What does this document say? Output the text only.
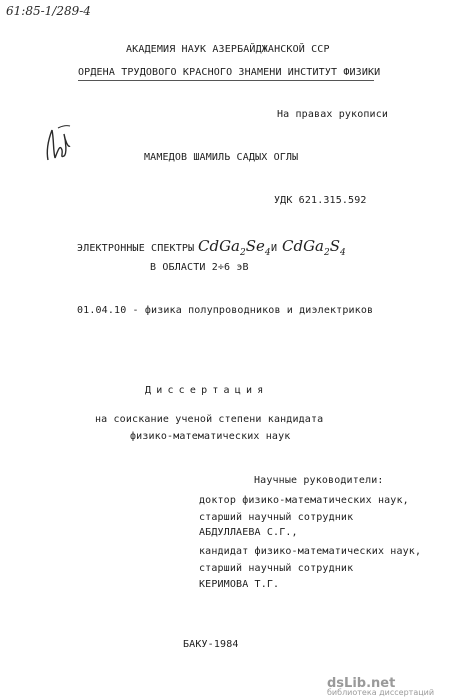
61:85-1/289-4
АКАДЕМИЯ НАУК АЗЕРБАЙДЖАНСКОЙ ССР
ОРДЕНА ТРУДОВОГО КРАСНОГО ЗНАМЕНИ ИНСТИТУТ ФИЗИКИ
На правах рукописи
МАМЕДОВ ШАМИЛЬ САДЫХ ОГЛЫ
УДК 621.315.592
ЭЛЕКТРОННЫЕ СПЕКТРЫ $CdGa_2Se_4$ И $CdGa_2S_4$
В ОБЛАСТИ 2÷6 эВ
01.04.10 - физика полупроводников и диэлектриков
Диссертация
на соискание ученой степени кандидата
физико-математических наук
Научные руководители:
доктор физико-математических наук,
старший научный сотрудник
АБДУЛЛАЕВА С.Г.,
кандидат физико-математических наук,
старший научный сотрудник
КЕРИМОВА Т.Г.
БАКУ-1984
dsLib.net
библиотека диссертаций
